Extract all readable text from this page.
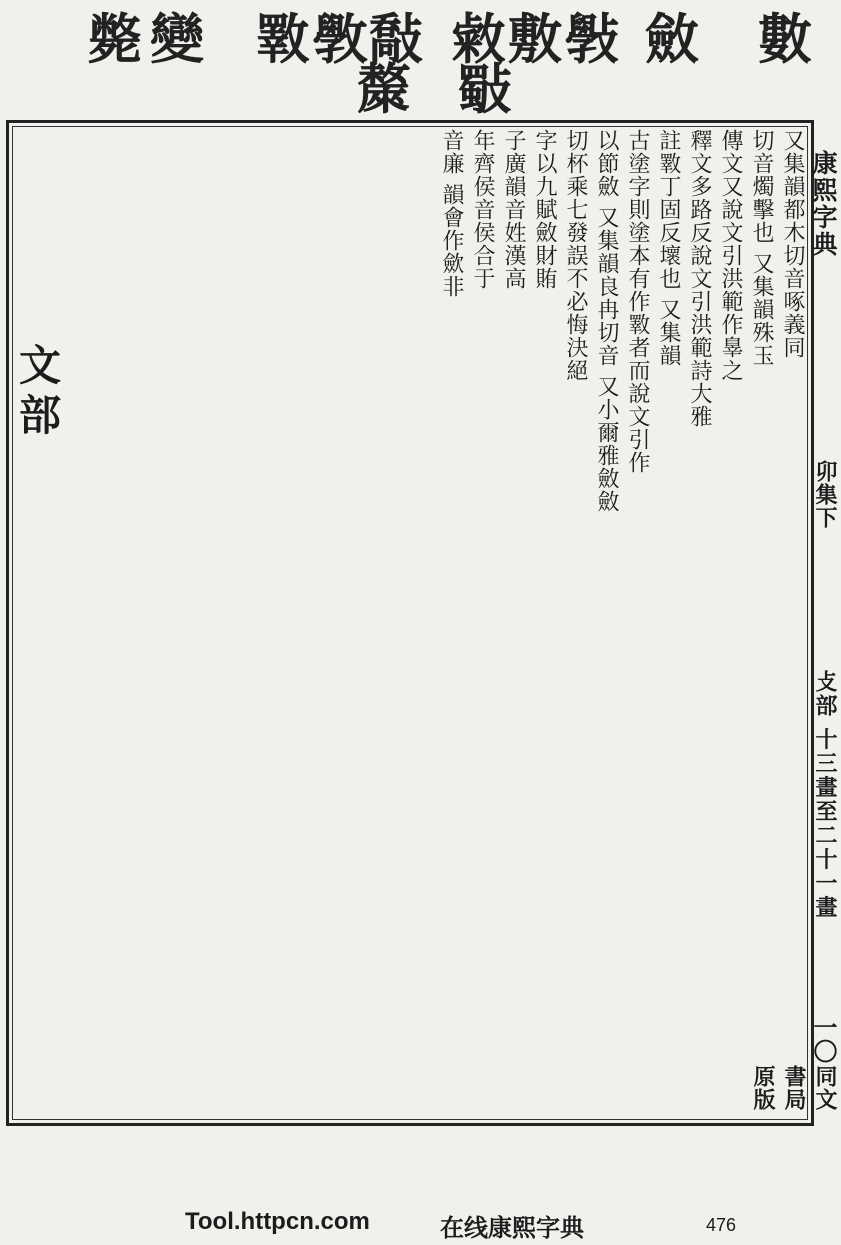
數
斂
斅
敷
敹
敽
斆
斁
斄 斀
變
斃
又集韻都木切音啄義同
切音燭擊也 又集韻殊玉
傳文又說文引洪範作辠之
釋文多路反說文引洪範詩大雅
註斁丁固反壞也 又集韻
古塗字則塗本有作斁者而說文引作
以節斂 又集韻良冉切音 又小爾雅斂斂
切杯乘七發誤不必悔決絕
字以九賦斂財賄
子廣韻音姓漢高
年齊侯音侯合于
音廉 韻會作歛非
文部
康熙字典
卯集下
攴部 十三畫至二十一畫
一〇
同文書局原版
Tool.httpcn.com	在线康熙字典	476
